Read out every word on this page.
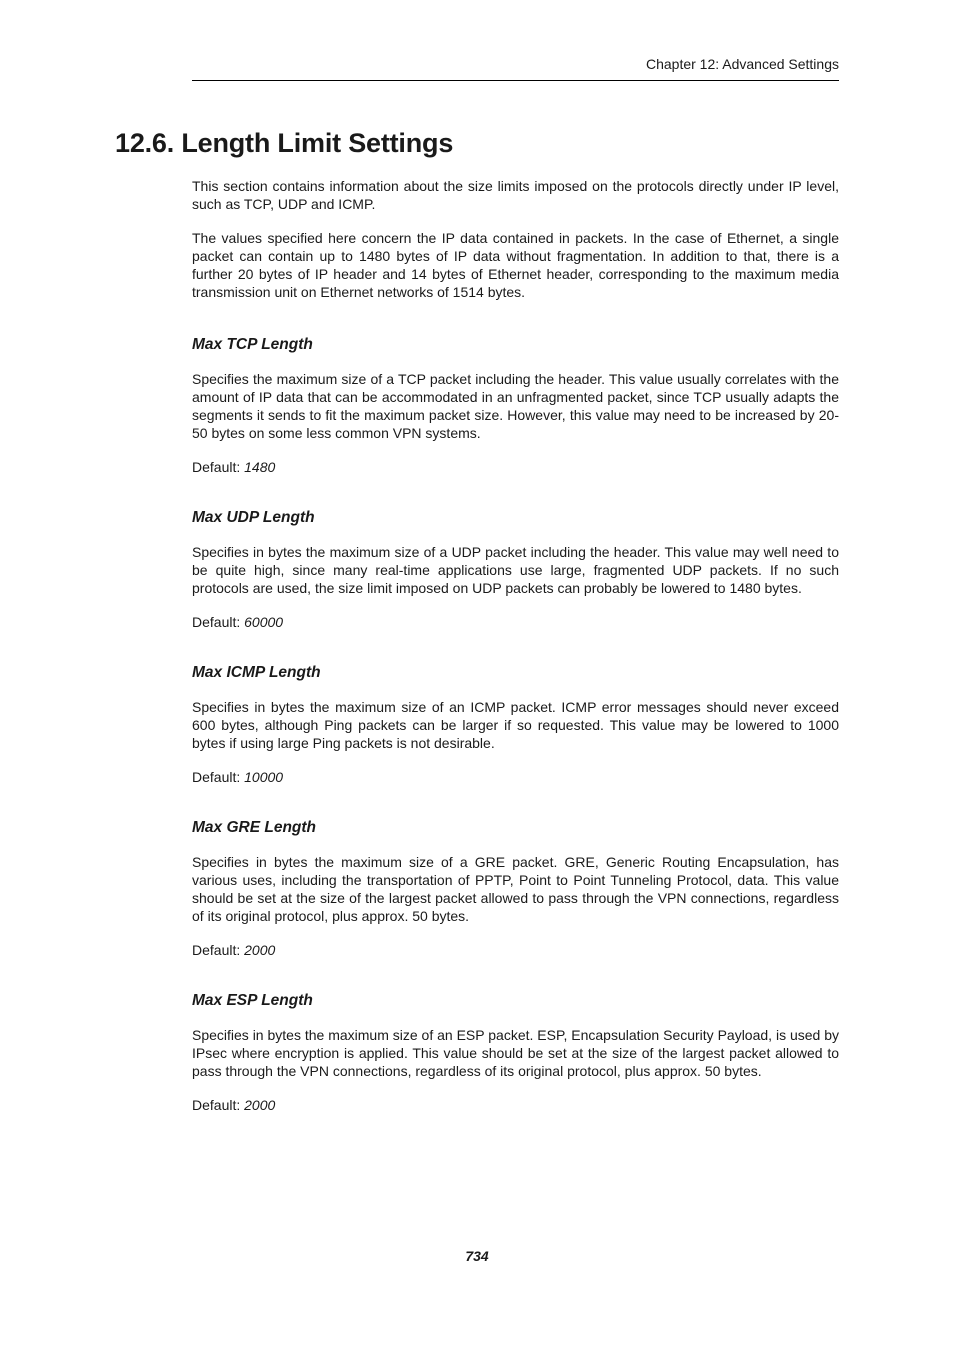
Chapter 12: Advanced Settings
12.6. Length Limit Settings

This section contains information about the size limits imposed on the protocols directly under IP level, such as TCP, UDP and ICMP.

The values specified here concern the IP data contained in packets. In the case of Ethernet, a single packet can contain up to 1480 bytes of IP data without fragmentation. In addition to that, there is a further 20 bytes of IP header and 14 bytes of Ethernet header, corresponding to the maximum media transmission unit on Ethernet networks of 1514 bytes.

Max TCP Length

Specifies the maximum size of a TCP packet including the header. This value usually correlates with the amount of IP data that can be accommodated in an unfragmented packet, since TCP usually adapts the segments it sends to fit the maximum packet size. However, this value may need to be increased by 20-50 bytes on some less common VPN systems.

Default: 1480

Max UDP Length

Specifies in bytes the maximum size of a UDP packet including the header. This value may well need to be quite high, since many real-time applications use large, fragmented UDP packets. If no such protocols are used, the size limit imposed on UDP packets can probably be lowered to 1480 bytes.

Default: 60000

Max ICMP Length

Specifies in bytes the maximum size of an ICMP packet. ICMP error messages should never exceed 600 bytes, although Ping packets can be larger if so requested. This value may be lowered to 1000 bytes if using large Ping packets is not desirable.

Default: 10000

Max GRE Length

Specifies in bytes the maximum size of a GRE packet. GRE, Generic Routing Encapsulation, has various uses, including the transportation of PPTP, Point to Point Tunneling Protocol, data. This value should be set at the size of the largest packet allowed to pass through the VPN connections, regardless of its original protocol, plus approx. 50 bytes.

Default: 2000

Max ESP Length

Specifies in bytes the maximum size of an ESP packet. ESP, Encapsulation Security Payload, is used by IPsec where encryption is applied. This value should be set at the size of the largest packet allowed to pass through the VPN connections, regardless of its original protocol, plus approx. 50 bytes.

Default: 2000

734
